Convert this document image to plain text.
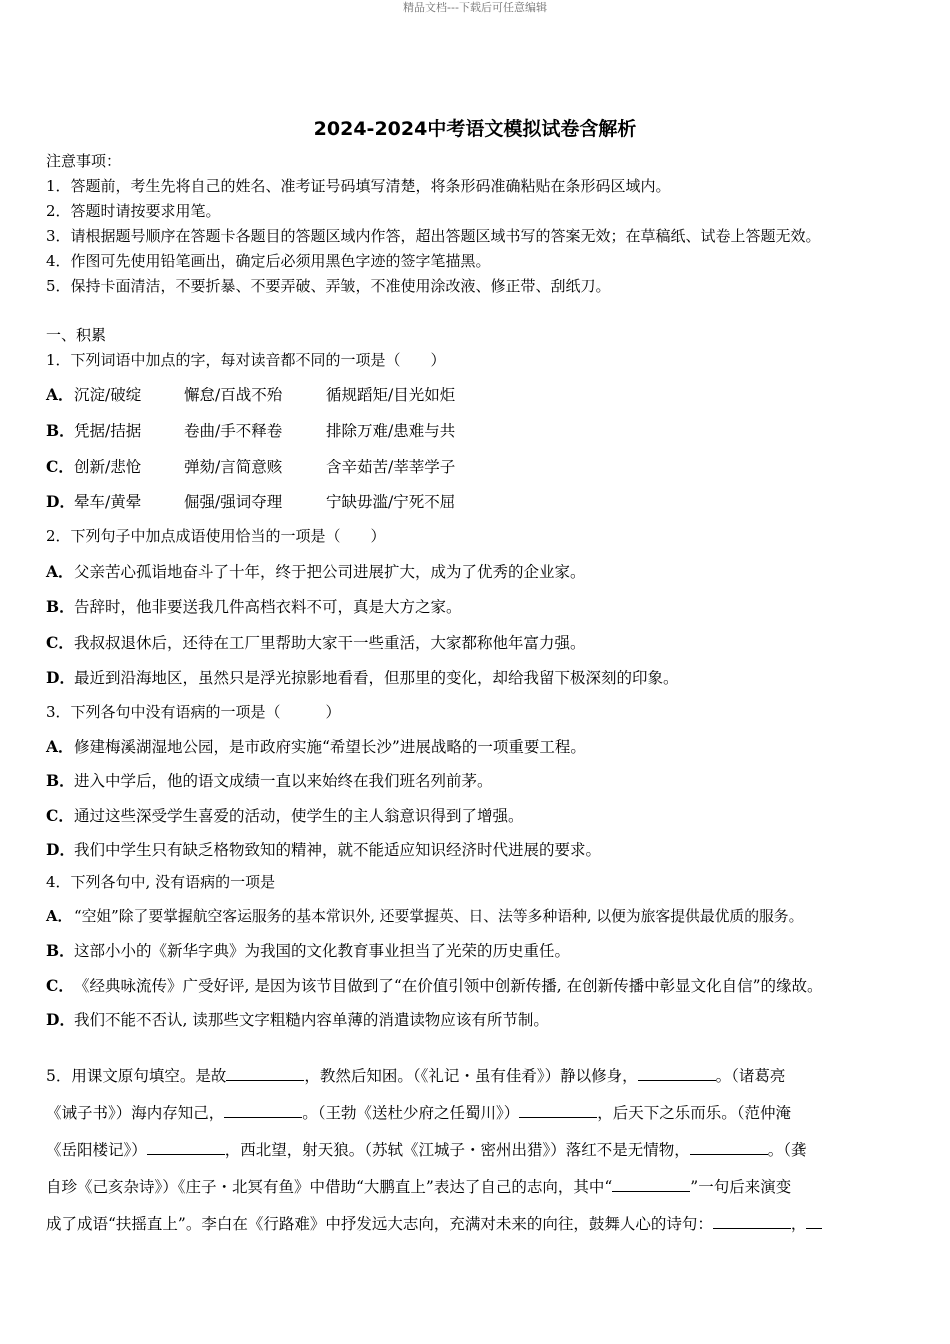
精品文档---下载后可任意编辑
2024-2024中考语文模拟试卷含解析
注意事项：
1．答题前，考生先将自己的姓名、准考证号码填写清楚，将条形码准确粘贴在条形码区域内。
2．答题时请按要求用笔。
3．请根据题号顺序在答题卡各题目的答题区域内作答，超出答题区域书写的答案无效；在草稿纸、试卷上答题无效。
4．作图可先使用铅笔画出，确定后必须用黑色字迹的签字笔描黑。
5．保持卡面清洁，不要折暴、不要弄破、弄皱，不准使用涂改液、修正带、刮纸刀。
一、积累
1．下列词语中加点的字，每对读音都不同的一项是（　　）
A．沉淀/破绽	懈怠/百战不殆	循规蹈矩/目光如炬
B．凭据/拮据	卷曲/手不释卷	排除万难/患难与共
C．创新/悲怆	弹劾/言简意赅	含辛茹苦/莘莘学子
D．晕车/黄晕	倔强/强词夺理	宁缺毋滥/宁死不屈
2．下列句子中加点成语使用恰当的一项是（　　）
A．父亲苦心孤诣地奋斗了十年，终于把公司进展扩大，成为了优秀的企业家。
B．告辞时，他非要送我几件高档衣料不可，真是大方之家。
C．我叔叔退休后，还待在工厂里帮助大家干一些重活，大家都称他年富力强。
D．最近到沿海地区，虽然只是浮光掠影地看看，但那里的变化，却给我留下极深刻的印象。
3．下列各句中没有语病的一项是（　　　）
A．修建梅溪湖湿地公园，是市政府实施“希望长沙”进展战略的一项重要工程。
B．进入中学后，他的语文成绩一直以来始终在我们班名列前茅。
C．通过这些深受学生喜爱的活动，使学生的主人翁意识得到了增强。
D．我们中学生只有缺乏格物致知的精神，就不能适应知识经济时代进展的要求。
4．下列各句中, 没有语病的一项是
A． “空姐”除了要掌握航空客运服务的基本常识外, 还要掌握英、日、法等多种语种, 以便为旅客提供最优质的服务。
B．这部小小的《新华字典》为我国的文化教育事业担当了光荣的历史重任。
C．《经典咏流传》广受好评, 是因为该节目做到了“在价值引领中创新传播, 在创新传播中彰显文化自信”的缘故。
D．我们不能不否认, 读那些文字粗糙内容单薄的消遣读物应该有所节制。
5．用课文原句填空。是故	，教然后知困。（《礼记・虽有佳肴》）静以修身，	。（诸葛亮
《诫子书》）海内存知己，	。（王勃《送杜少府之任蜀川》）	，后天下之乐而乐。（范仲淹
《岳阳楼记》）	，西北望，射天狼。（苏轼《江城子・密州出猎》）落红不是无情物，	。（龚
自珍《己亥杂诗》）《庄子・北冥有鱼》中借助“大鹏直上”表达了自己的志向，其中“	”一句后来演变
成了成语“扶摇直上”。李白在《行路难》中抒发远大志向，充满对未来的向往，鼓舞人心的诗句：	，
